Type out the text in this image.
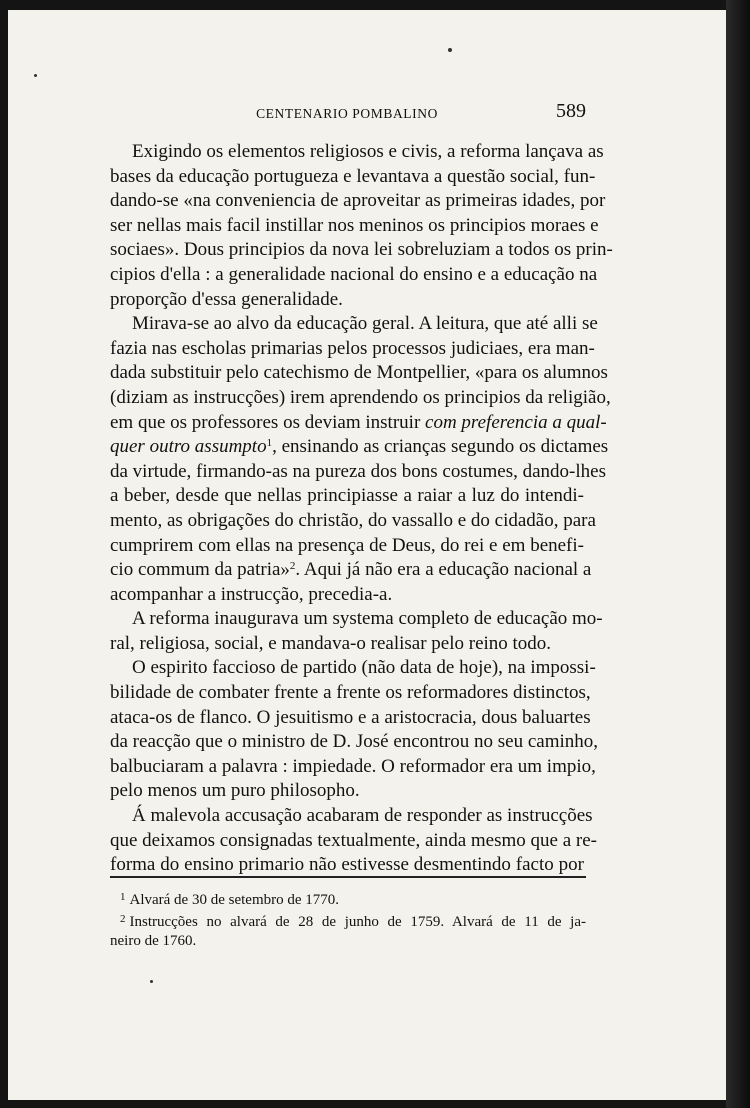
CENTENARIO POMBALINO	589
Exigindo os elementos religiosos e civis, a reforma lançava as
bases da educação portugueza e levantava a questão social, fun-
dando-se «na conveniencia de aproveitar as primeiras idades, por
ser nellas mais facil instillar nos meninos os principios moraes e
sociaes». Dous principios da nova lei sobreluziam a todos os prin-
cipios d'ella : a generalidade nacional do ensino e a educação na
proporção d'essa generalidade.
Mirava-se ao alvo da educação geral. A leitura, que até alli se
fazia nas escholas primarias pelos processos judiciaes, era man-
dada substituir pelo catechismo de Montpellier, «para os alumnos
(diziam as instrucções) irem aprendendo os principios da religião,
em que os professores os deviam instruir com preferencia a qual-
quer outro assumpto$^1$, ensinando as crianças segundo os dictames
da virtude, firmando-as na pureza dos bons costumes, dando-lhes
a beber, desde que nellas principiasse a raiar a luz do intendi-
mento, as obrigações do christão, do vassallo e do cidadão, para
cumprirem com ellas na presença de Deus, do rei e em benefi-
cio commum da patria»$^2$. Aqui já não era a educação nacional a
acompanhar a instrucção, precedia-a.
A reforma inaugurava um systema completo de educação mo-
ral, religiosa, social, e mandava-o realisar pelo reino todo.
O espirito faccioso de partido (não data de hoje), na impossi-
bilidade de combater frente a frente os reformadores distinctos,
ataca-os de flanco. O jesuitismo e a aristocracia, dous baluartes
da reacção que o ministro de D. José encontrou no seu caminho,
balbuciaram a palavra : impiedade. O reformador era um impio,
pelo menos um puro philosopho.
Á malevola accusação acabaram de responder as instrucções
que deixamos consignadas textualmente, ainda mesmo que a re-
forma do ensino primario não estivesse desmentindo facto por
$^1$ Alvará de 30 de setembro de 1770.
$^2$ Instrucções no alvará de 28 de junho de 1759. Alvará de 11 de ja-
neiro de 1760.
